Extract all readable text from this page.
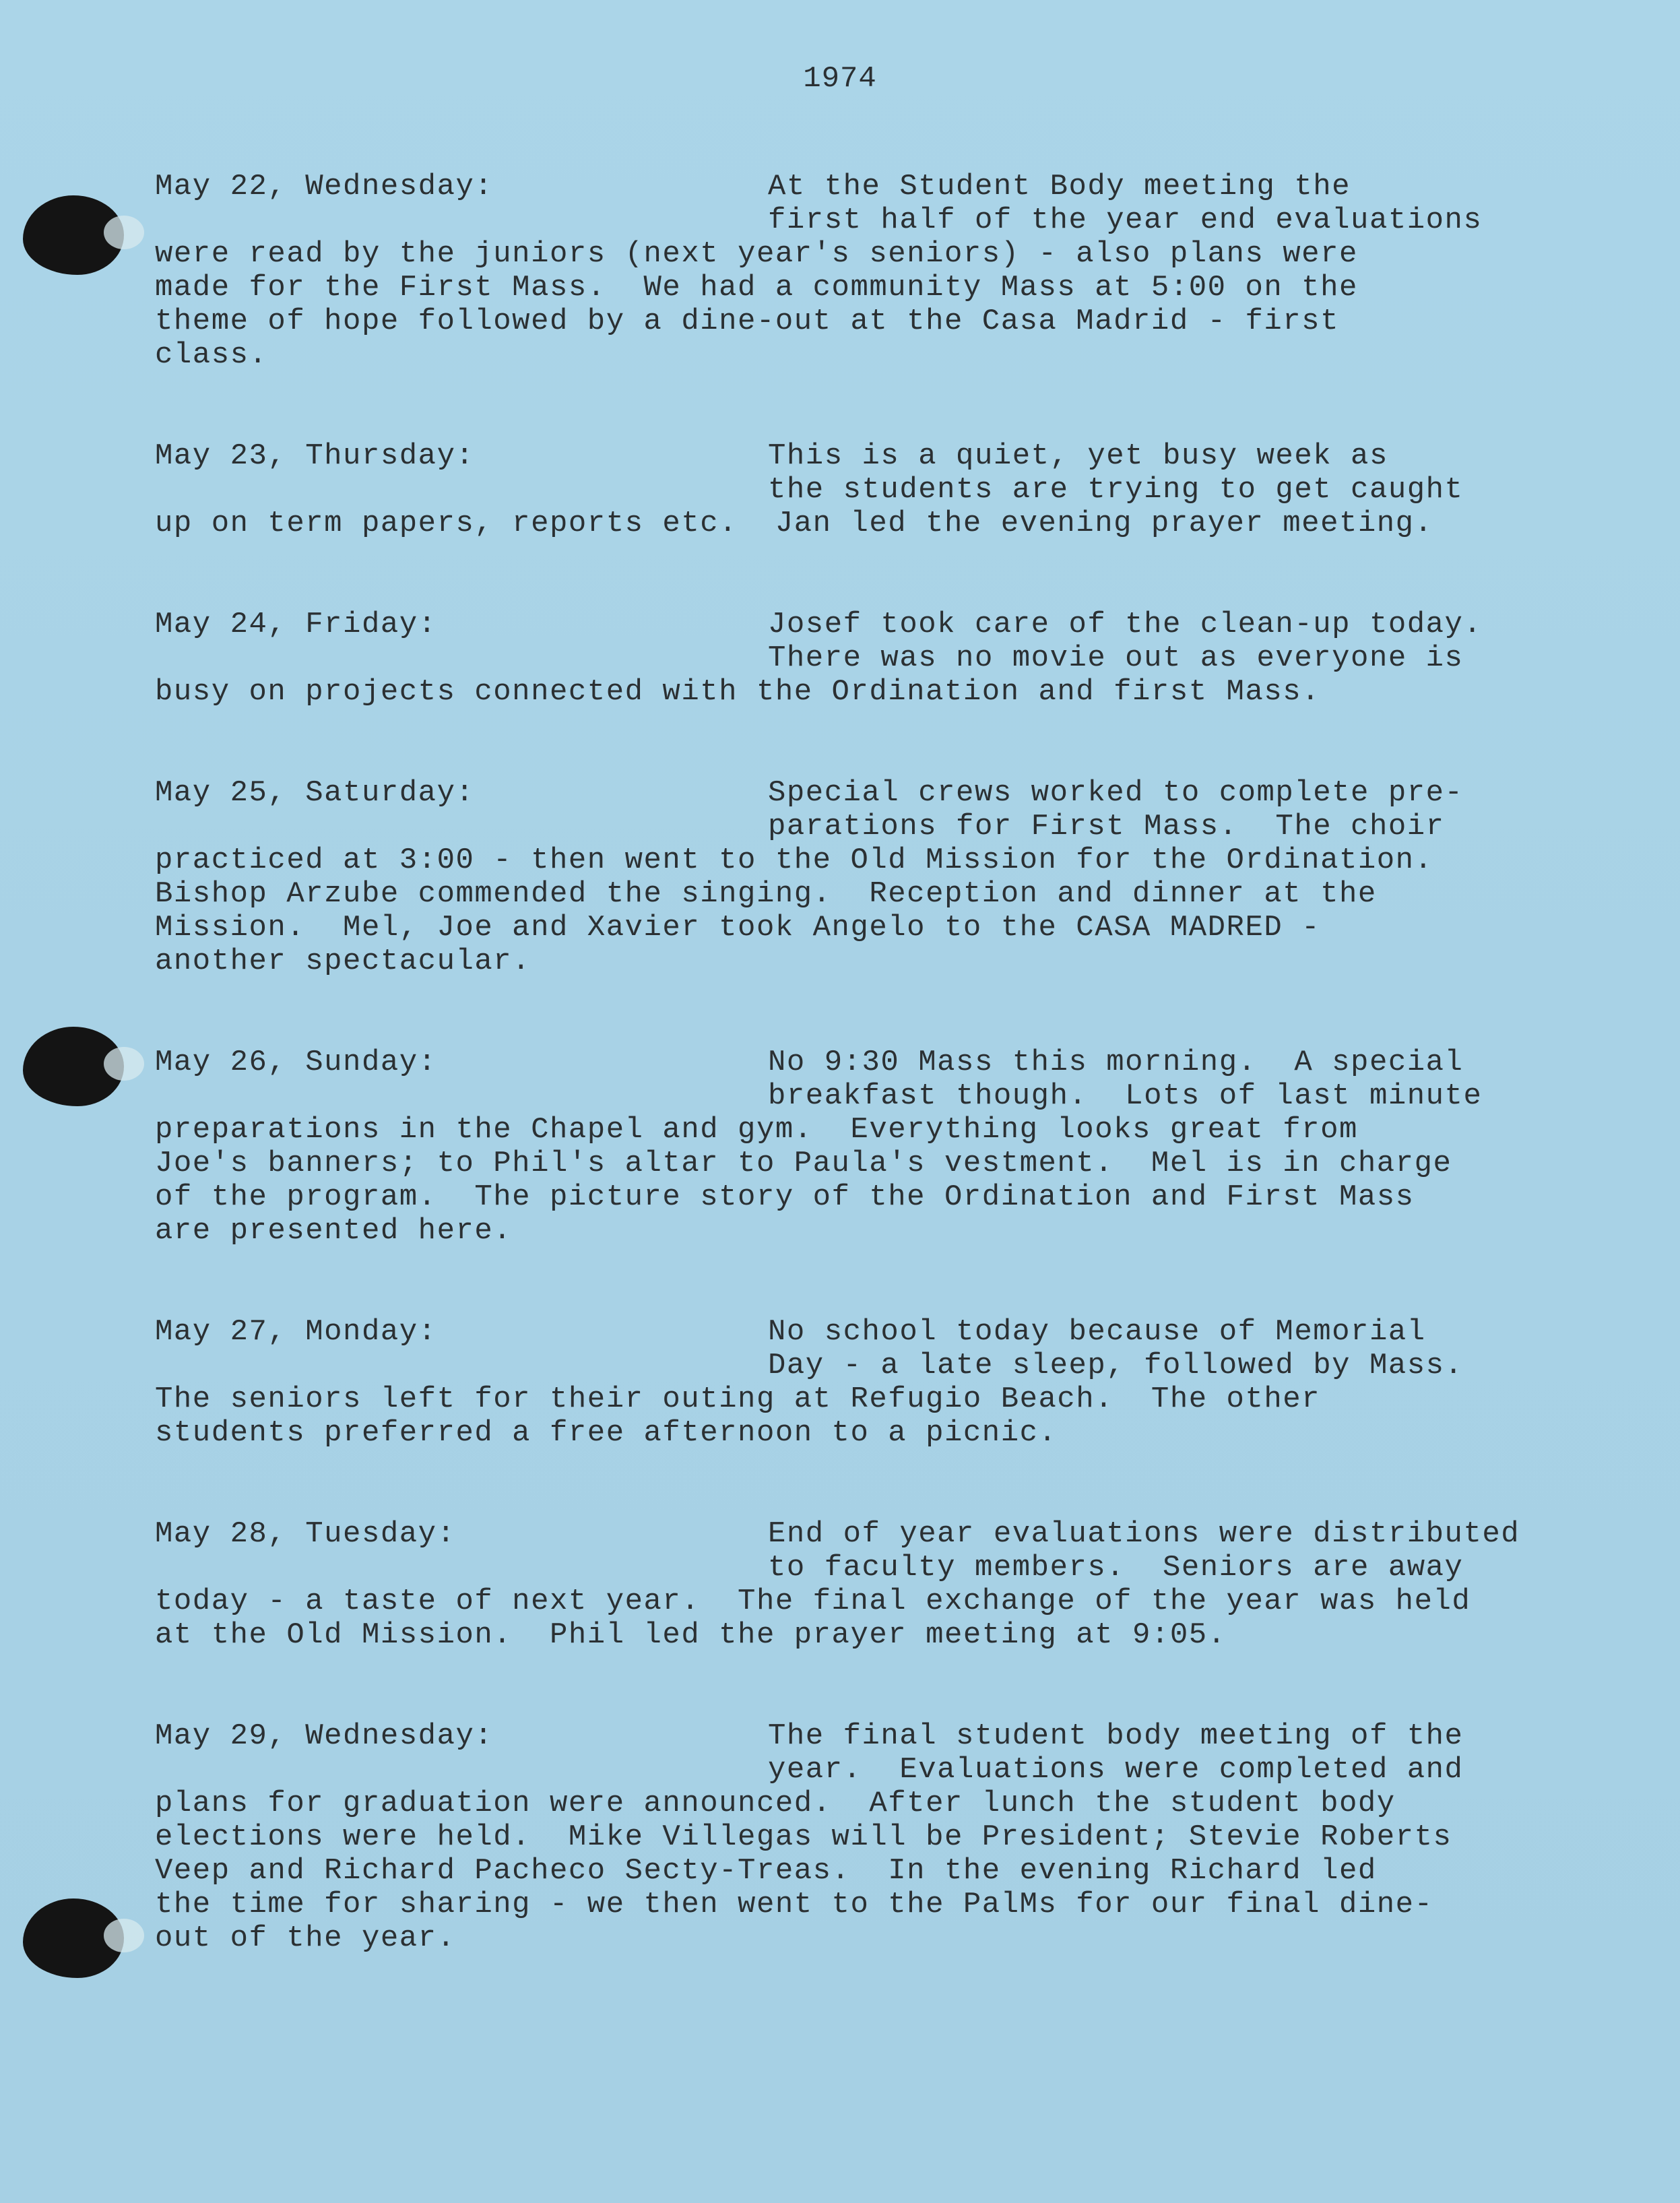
1974
May 22, Wednesday:	At the Student Body meeting the
first half of the year end evaluations
were read by the juniors (next year's seniors) - also plans were
made for the First Mass.  We had a community Mass at 5:00 on the
theme of hope followed by a dine-out at the Casa Madrid - first
class.
May 23, Thursday:	This is a quiet, yet busy week as
the students are trying to get caught
up on term papers, reports etc.  Jan led the evening prayer meeting.
May 24, Friday:	Josef took care of the clean-up today.
There was no movie out as everyone is
busy on projects connected with the Ordination and first Mass.
May 25, Saturday:	Special crews worked to complete pre-
parations for First Mass.  The choir
practiced at 3:00 - then went to the Old Mission for the Ordination.
Bishop Arzube commended the singing.  Reception and dinner at the
Mission.  Mel, Joe and Xavier took Angelo to the CASA MADRED -
another spectacular.
May 26, Sunday:	No 9:30 Mass this morning.  A special
breakfast though.  Lots of last minute
preparations in the Chapel and gym.  Everything looks great from
Joe's banners; to Phil's altar to Paula's vestment.  Mel is in charge
of the program.  The picture story of the Ordination and First Mass
are presented here.
May 27, Monday:	No school today because of Memorial
Day - a late sleep, followed by Mass.
The seniors left for their outing at Refugio Beach.  The other
students preferred a free afternoon to a picnic.
May 28, Tuesday:	End of year evaluations were distributed
to faculty members.  Seniors are away
today - a taste of next year.  The final exchange of the year was held
at the Old Mission.  Phil led the prayer meeting at 9:05.
May 29, Wednesday:	The final student body meeting of the
year.  Evaluations were completed and
plans for graduation were announced.  After lunch the student body
elections were held.  Mike Villegas will be President; Stevie Roberts
Veep and Richard Pacheco Secty-Treas.  In the evening Richard led
the time for sharing - we then went to the PalMs for our final dine-
out of the year.
